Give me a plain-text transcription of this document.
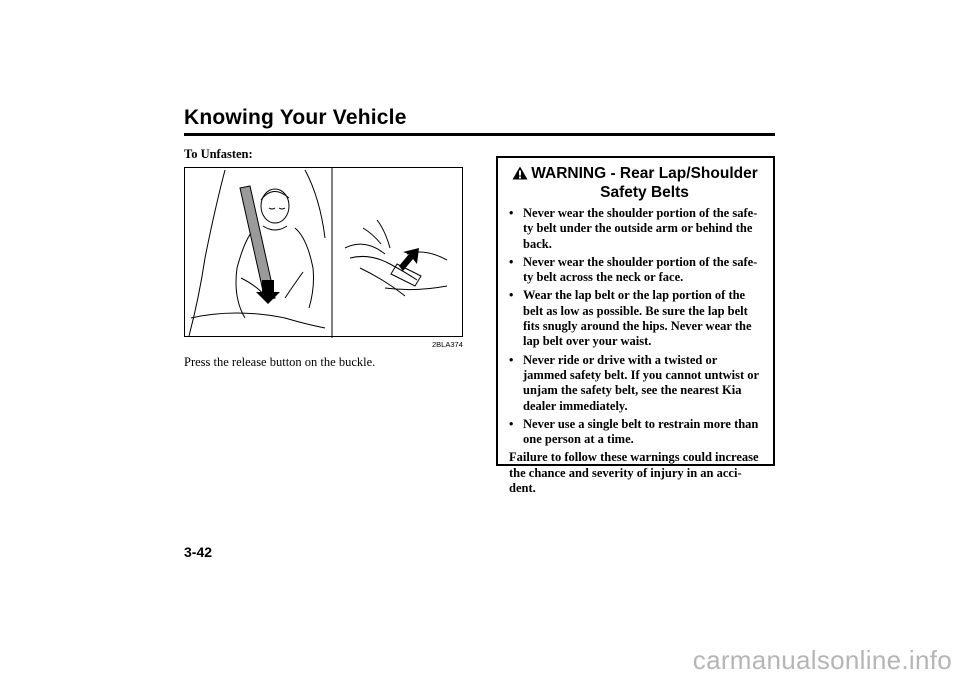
Knowing Your Vehicle
To Unfasten:
2BLA374
Press the release button on the buckle.
WARNING - Rear Lap/Shoulder
Safety Belts
• Never wear the shoulder portion of the safe-ty belt under the outside arm or behind the back.
• Never wear the shoulder portion of the safe-ty belt across the neck or face.
• Wear the lap belt or the lap portion of the belt as low as possible. Be sure the lap belt fits snugly around the hips. Never wear the lap belt over your waist.
• Never ride or drive with a twisted or jammed safety belt. If you cannot untwist or unjam the safety belt, see the nearest Kia dealer immediately.
• Never use a single belt to restrain more than one person at a time.
Failure to follow these warnings could increase the chance and severity of injury in an acci-dent.
3-42
carmanualsonline.info
